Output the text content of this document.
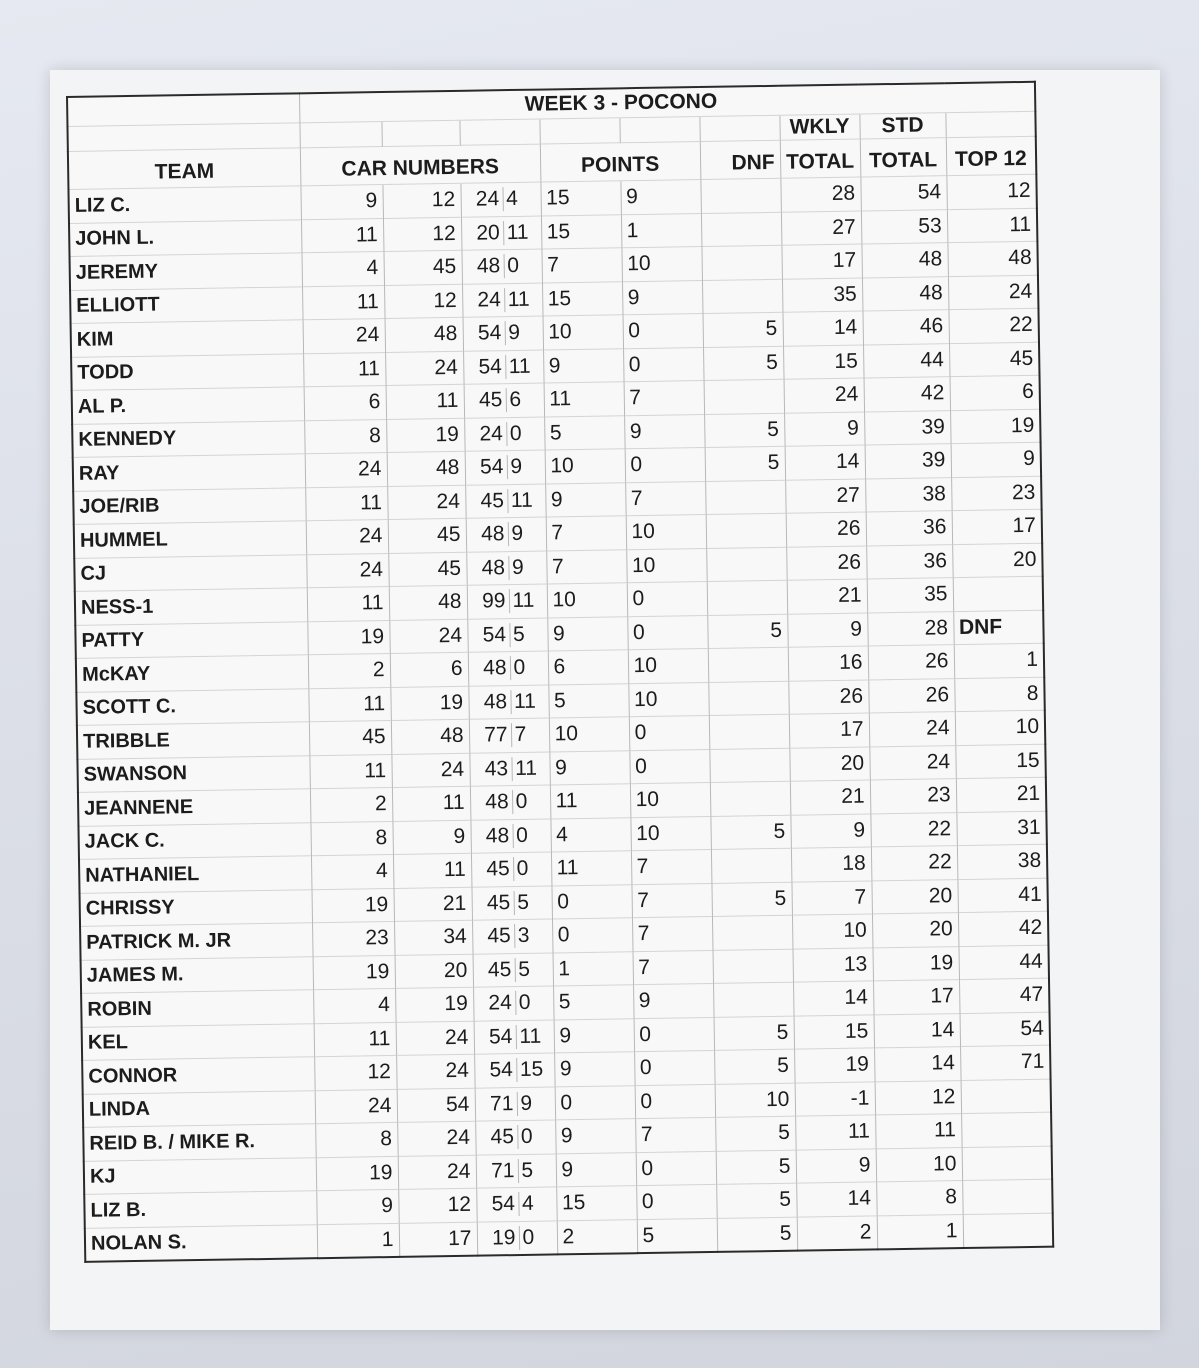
	WEEK 3 - POCONO								
							WKLY	STD	
TEAM	CAR NUMBERS			POINTS		DNF	TOTAL	TOTAL	TOP 12
LIZ C.	9	12	24 4	15	9		28	54	12
JOHN L.	11	12	20 11	15	1		27	53	11
JEREMY	4	45	48 0	7	10		17	48	48
ELLIOTT	11	12	24 11	15	9		35	48	24
KIM	24	48	54 9	10	0	5	14	46	22
TODD	11	24	54 11	9	0	5	15	44	45
AL P.	6	11	45 6	11	7		24	42	6
KENNEDY	8	19	24 0	5	9	5	9	39	19
RAY	24	48	54 9	10	0	5	14	39	9
JOE/RIB	11	24	45 11	9	7		27	38	23
HUMMEL	24	45	48 9	7	10		26	36	17
CJ	24	45	48 9	7	10		26	36	20
NESS-1	11	48	99 11	10	0		21	35	
PATTY	19	24	54 5	9	0	5	9	28	DNF
McKAY	2	6	48 0	6	10		16	26	1
SCOTT C.	11	19	48 11	5	10		26	26	8
TRIBBLE	45	48	77 7	10	0		17	24	10
SWANSON	11	24	43 11	9	0		20	24	15
JEANNENE	2	11	48 0	11	10		21	23	21
JACK C.	8	9	48 0	4	10	5	9	22	31
NATHANIEL	4	11	45 0	11	7		18	22	38
CHRISSY	19	21	45 5	0	7	5	7	20	41
PATRICK M. JR	23	34	45 3	0	7		10	20	42
JAMES M.	19	20	45 5	1	7		13	19	44
ROBIN	4	19	24 0	5	9		14	17	47
KEL	11	24	54 11	9	0	5	15	14	54
CONNOR	12	24	54 15	9	0	5	19	14	71
LINDA	24	54	71 9	0	0	10	-1	12	
REID B. / MIKE R.	8	24	45 0	9	7	5	11	11	
KJ	19	24	71 5	9	0	5	9	10	
LIZ B.	9	12	54 4	15	0	5	14	8	
NOLAN S.	1	17	19 0	2	5	5	2	1	
